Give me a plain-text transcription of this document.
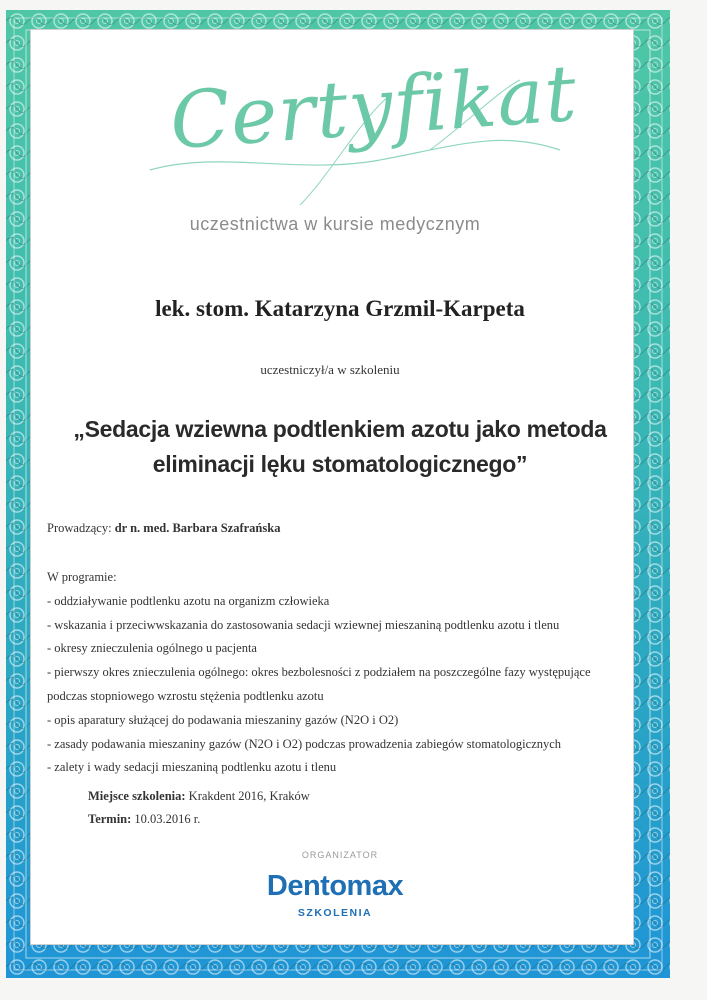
Certyfikat
uczestnictwa w kursie medycznym
lek. stom. Katarzyna Grzmil-Karpeta
uczestniczył/a w szkoleniu
„Sedacja wziewna podtlenkiem azotu jako metoda
eliminacji lęku stomatologicznego”
Prowadzący: dr n. med. Barbara Szafrańska
W programie:
- oddziaływanie podtlenku azotu na organizm człowieka
- wskazania i przeciwwskazania do zastosowania sedacji wziewnej mieszaniną podtlenku azotu i tlenu
- okresy znieczulenia ogólnego u pacjenta
- pierwszy okres znieczulenia ogólnego: okres bezbolesności z podziałem na poszczególne fazy występujące
podczas stopniowego wzrostu stężenia podtlenku azotu
- opis aparatury służącej do podawania mieszaniny gazów (N2O i O2)
- zasady podawania mieszaniny gazów (N2O i O2) podczas prowadzenia zabiegów stomatologicznych
- zalety i wady sedacji mieszaniną podtlenku azotu i tlenu
Miejsce szkolenia: Krakdent 2016, Kraków
Termin: 10.03.2016 r.
ORGANIZATOR
Dentomax
SZKOLENIA
